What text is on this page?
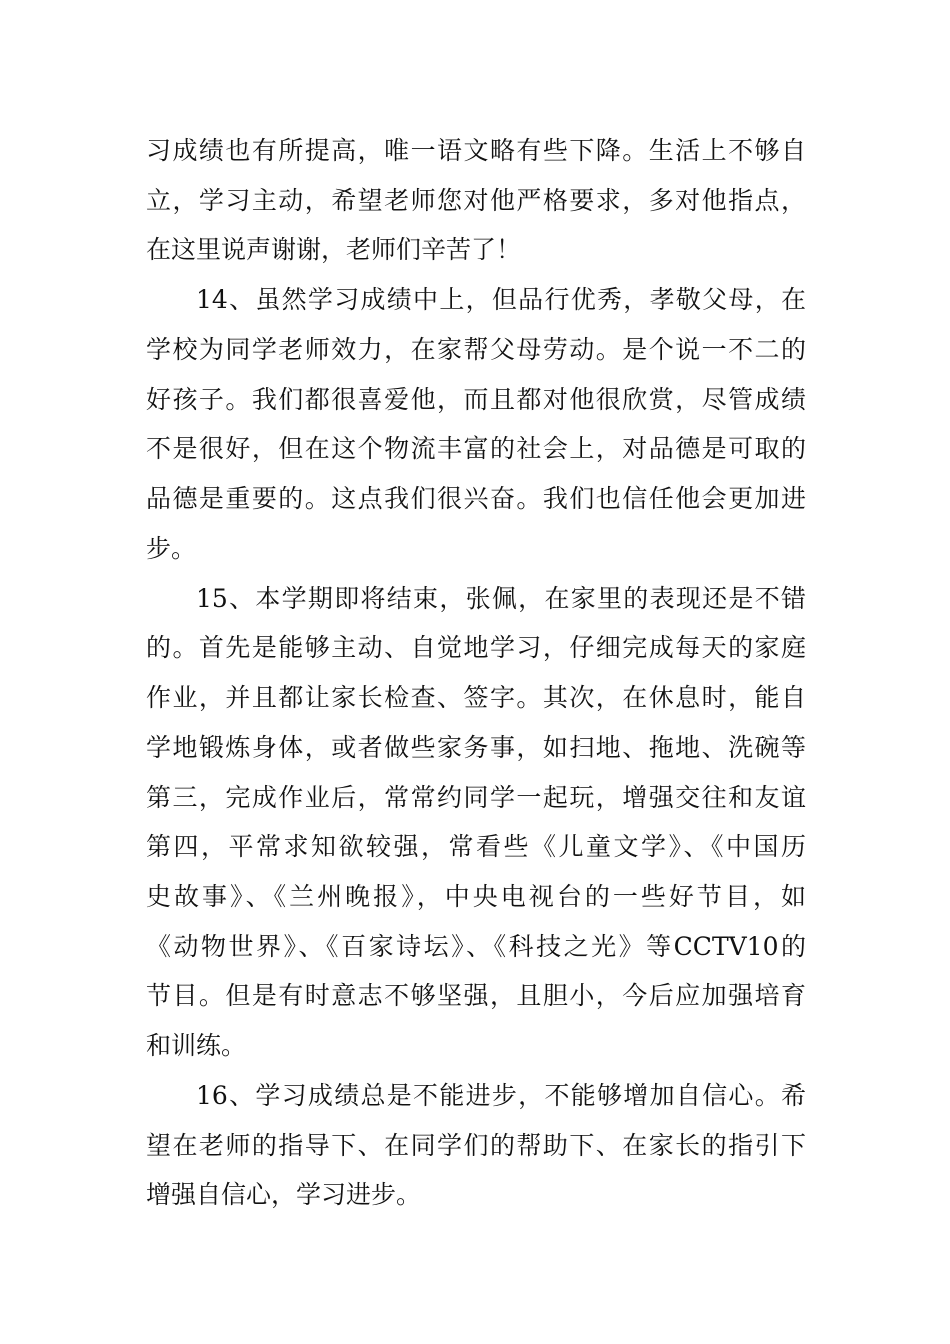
习成绩也有所提高，唯一语文略有些下降。生活上不够自
立，学习主动，希望老师您对他严格要求，多对他指点，
在这里说声谢谢，老师们辛苦了！
14、虽然学习成绩中上，但品行优秀，孝敬父母，在
学校为同学老师效力，在家帮父母劳动。是个说一不二的
好孩子。我们都很喜爱他，而且都对他很欣赏，尽管成绩
不是很好，但在这个物流丰富的社会上，对品德是可取的
品德是重要的。这点我们很兴奋。我们也信任他会更加进
步。
15、本学期即将结束，张佩，在家里的表现还是不错
的。首先是能够主动、自觉地学习，仔细完成每天的家庭
作业，并且都让家长检查、签字。其次，在休息时，能自
学地锻炼身体，或者做些家务事，如扫地、拖地、洗碗等
第三，完成作业后，常常约同学一起玩，增强交往和友谊
第四，平常求知欲较强，常看些《儿童文学》、《中国历
史故事》、《兰州晚报》，中央电视台的一些好节目，如
《动物世界》、《百家诗坛》、《科技之光》等CCTV10的
节目。但是有时意志不够坚强，且胆小，今后应加强培育
和训练。
16、学习成绩总是不能进步，不能够增加自信心。希
望在老师的指导下、在同学们的帮助下、在家长的指引下
增强自信心，学习进步。
